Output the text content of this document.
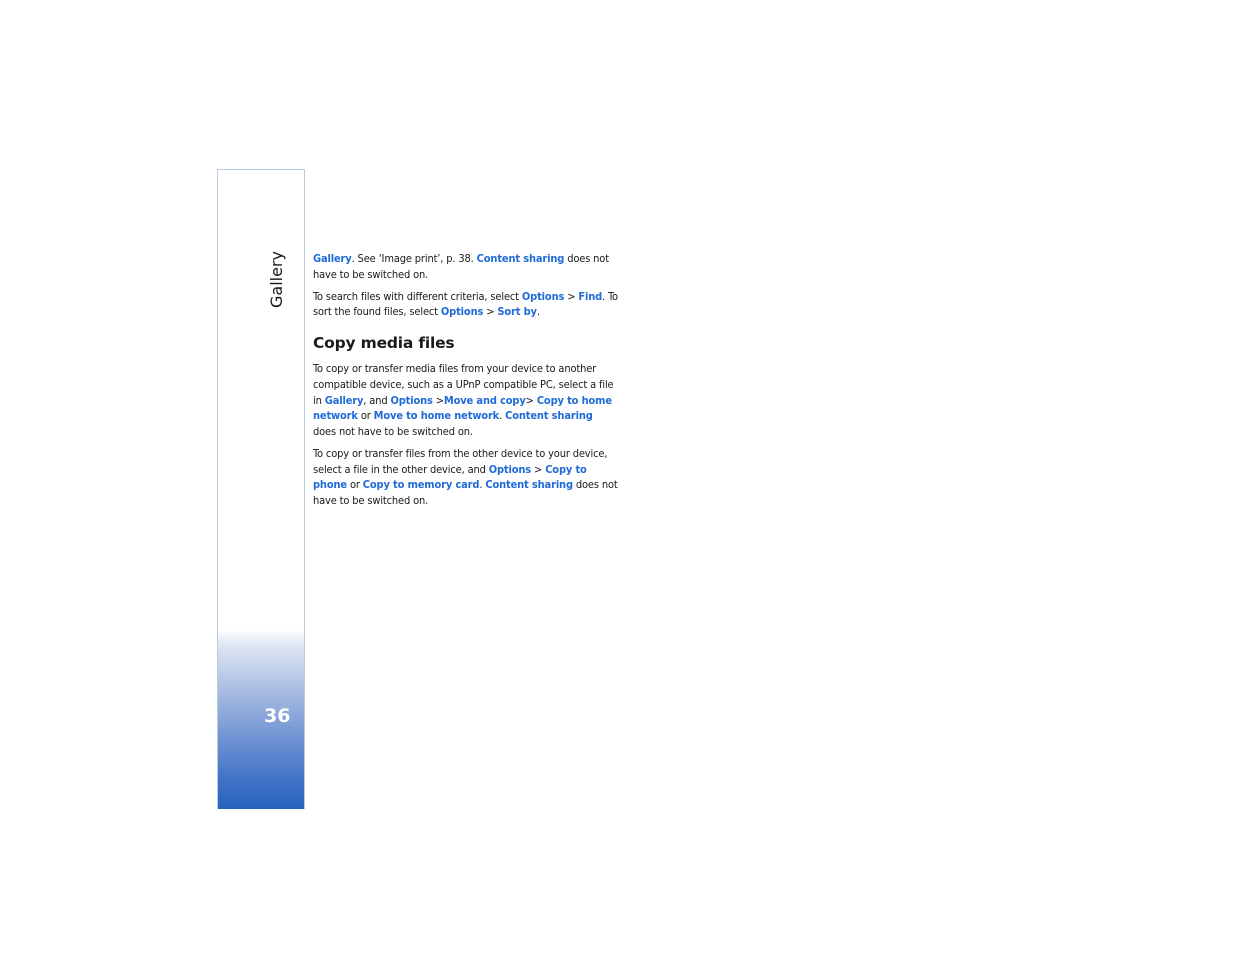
Gallery
36

Gallery. See ‘Image print’, p. 38. Content sharing does not have to be switched on.

To search files with different criteria, select Options > Find. To sort the found files, select Options > Sort by.

Copy media files

To copy or transfer media files from your device to another compatible device, such as a UPnP compatible PC, select a file in Gallery, and Options >Move and copy> Copy to home network or Move to home network. Content sharing does not have to be switched on.

To copy or transfer files from the other device to your device, select a file in the other device, and Options > Copy to phone or Copy to memory card. Content sharing does not have to be switched on.
